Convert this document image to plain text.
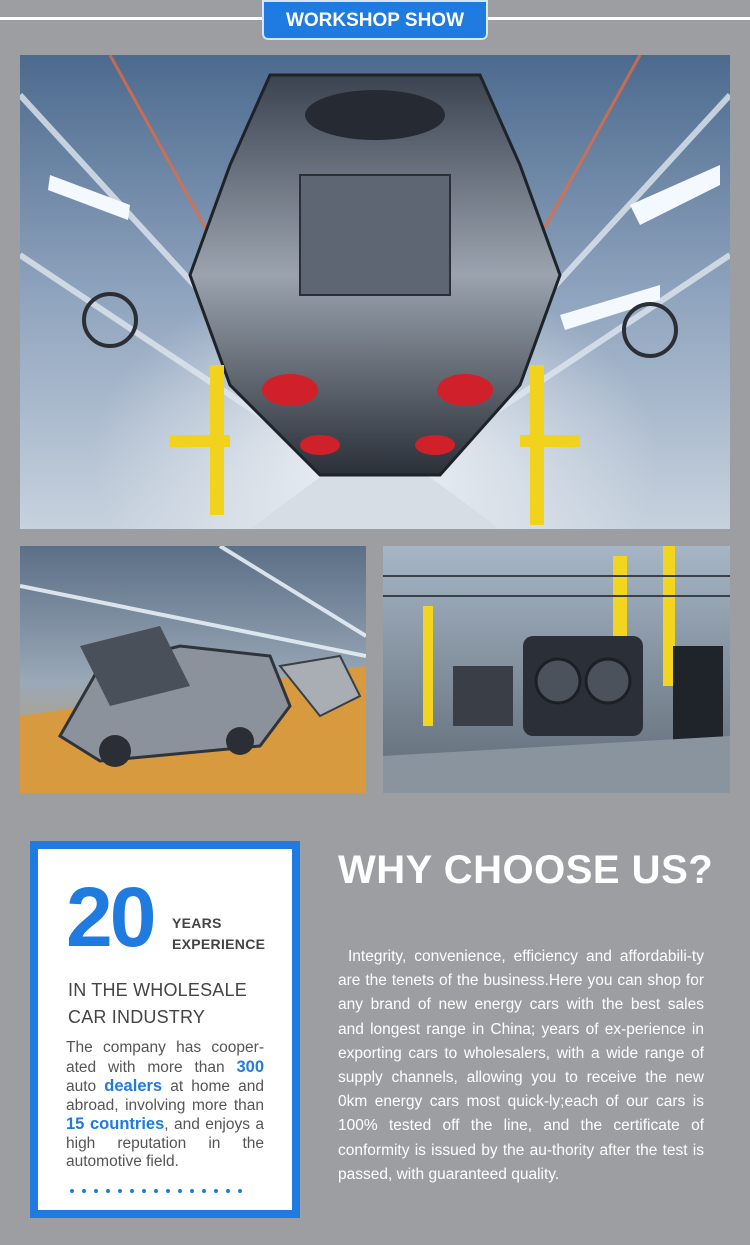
WORKSHOP SHOW
20 YEARS
EXPERIENCE
IN THE WHOLESALE
CAR INDUSTRY
The company has cooper-ated with more than 300 auto dealers at home and abroad, involving more than 15 countries, and enjoys a high reputation in the automotive field.
WHY CHOOSE US?
Integrity, convenience, efficiency and affordabili-ty are the tenets of the business.Here you can shop for any brand of new energy cars with the best sales and longest range in China; years of ex-perience in exporting cars to wholesalers, with a wide range of supply channels, allowing you to receive the new 0km energy cars most quick-ly;each of our cars is 100% tested off the line, and the certificate of conformity is issued by the au-thority after the test is passed, with guaranteed quality.
